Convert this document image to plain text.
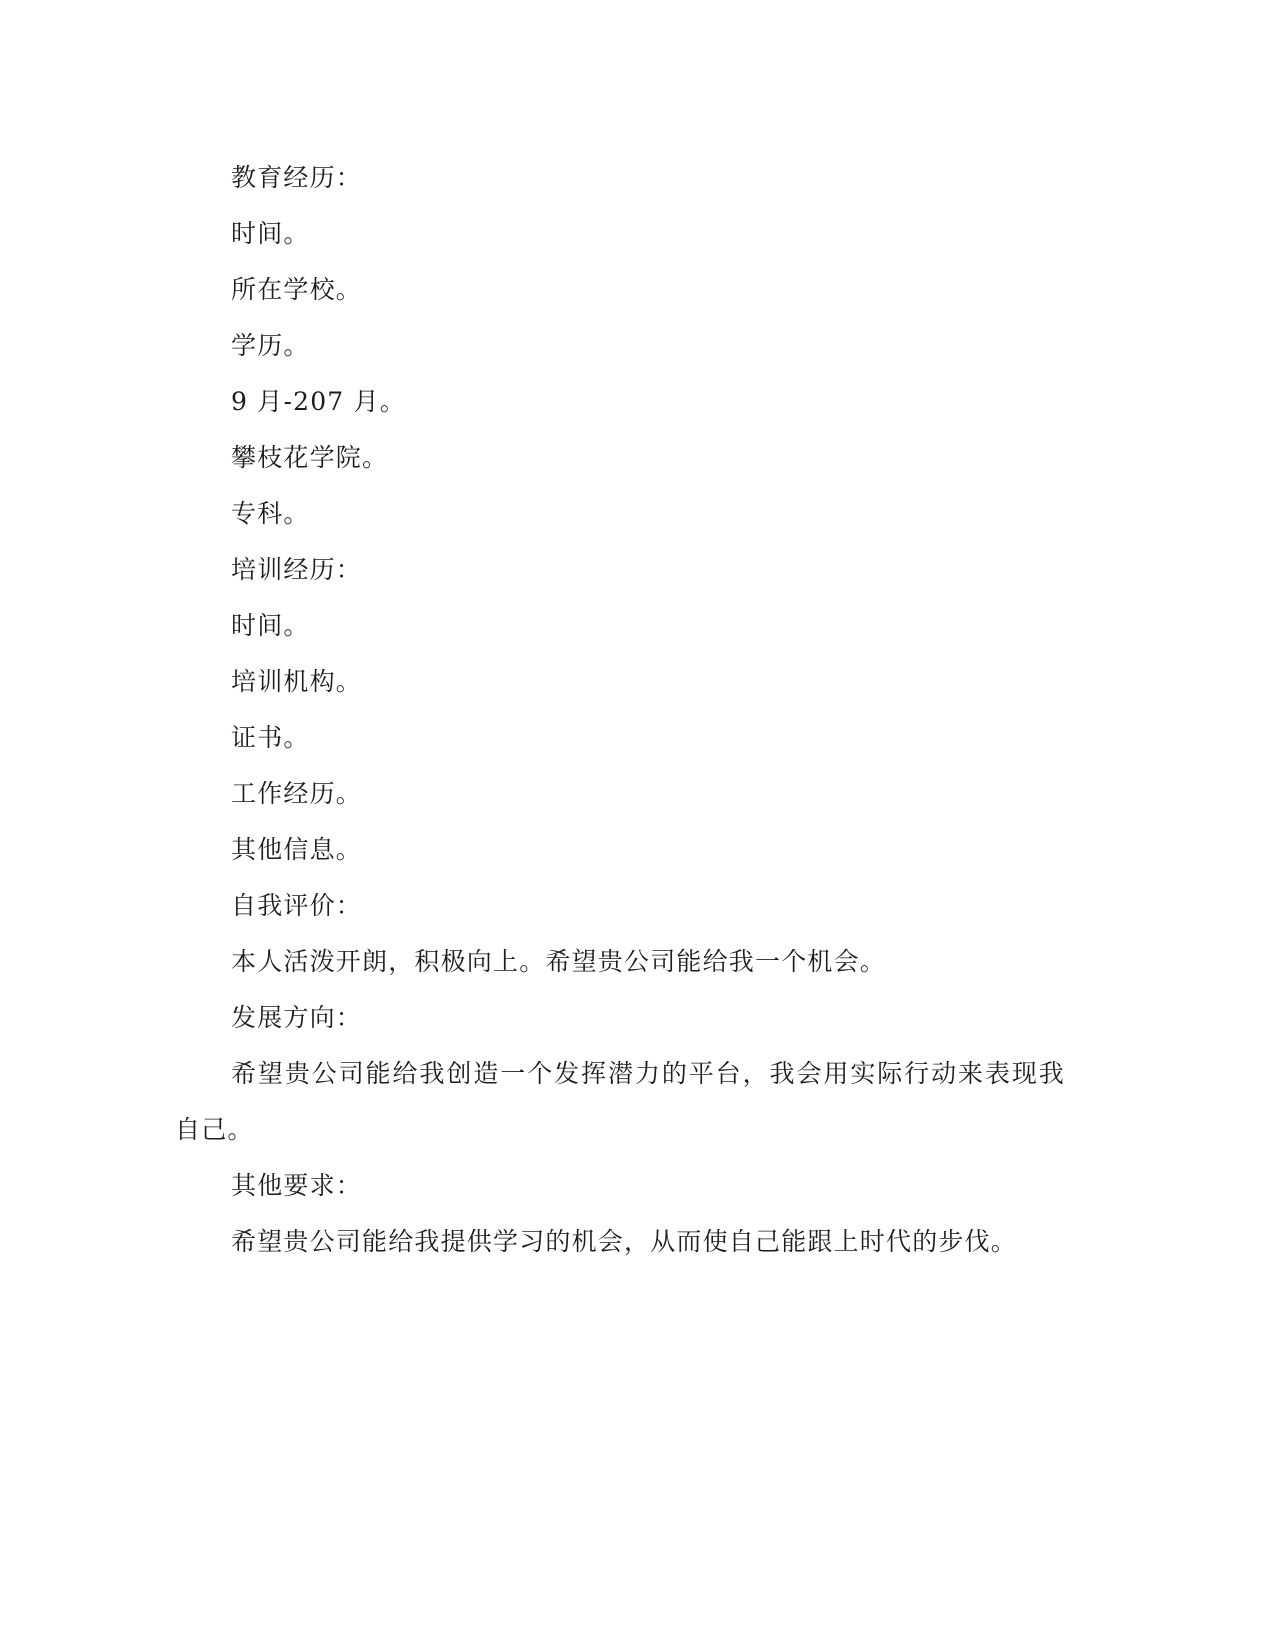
教育经历：

时间。

所在学校。

学历。

9 月-207 月。

攀枝花学院。

专科。

培训经历：

时间。

培训机构。

证书。

工作经历。

其他信息。

自我评价：

本人活泼开朗，积极向上。希望贵公司能给我一个机会。

发展方向：

希望贵公司能给我创造一个发挥潜力的平台，我会用实际行动来表现我自己。

其他要求：

希望贵公司能给我提供学习的机会，从而使自己能跟上时代的步伐。
